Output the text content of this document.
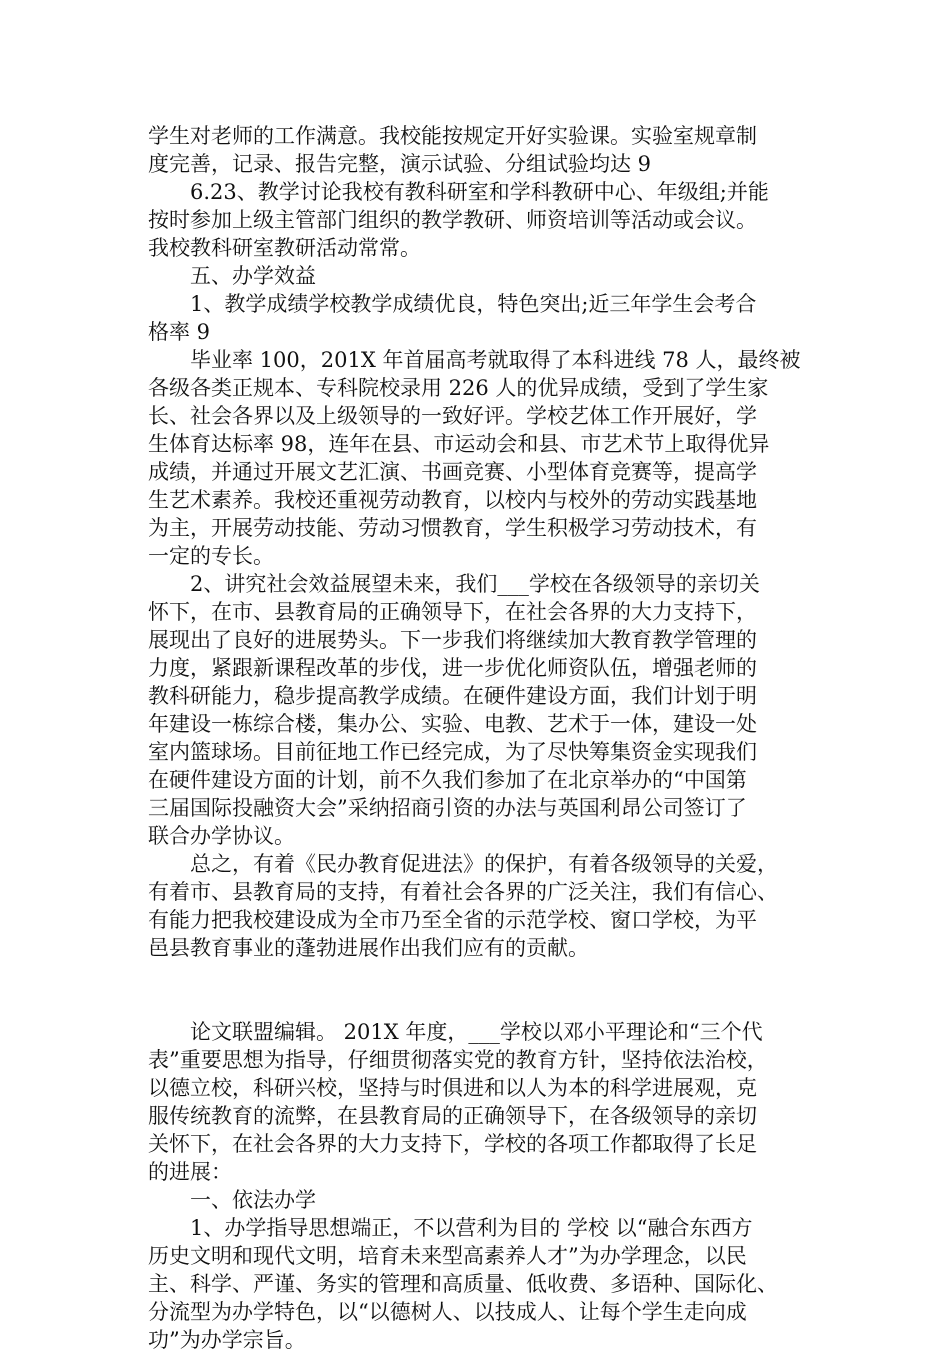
学生对老师的工作满意。我校能按规定开好实验课。实验室规章制

度完善，记录、报告完整，演示试验、分组试验均达 9

　　6.23、教学讨论我校有教科研室和学科教研中心、年级组;并能

按时参加上级主管部门组织的教学教研、师资培训等活动或会议。

我校教科研室教研活动常常。

　　五、办学效益

　　1、教学成绩学校教学成绩优良，特色突出;近三年学生会考合

格率 9

　　毕业率 100，201X 年首届高考就取得了本科进线 78 人，最终被

各级各类正规本、专科院校录用 226 人的优异成绩，受到了学生家

长、社会各界以及上级领导的一致好评。学校艺体工作开展好，学

生体育达标率 98，连年在县、市运动会和县、市艺术节上取得优异

成绩，并通过开展文艺汇演、书画竞赛、小型体育竞赛等，提高学

生艺术素养。我校还重视劳动教育，以校内与校外的劳动实践基地

为主，开展劳动技能、劳动习惯教育，学生积极学习劳动技术，有

一定的专长。

　　2、讲究社会效益展望未来，我们___学校在各级领导的亲切关

怀下，在市、县教育局的正确领导下，在社会各界的大力支持下，

展现出了良好的进展势头。下一步我们将继续加大教育教学管理的

力度，紧跟新课程改革的步伐，进一步优化师资队伍，增强老师的

教科研能力，稳步提高教学成绩。在硬件建设方面，我们计划于明

年建设一栋综合楼，集办公、实验、电教、艺术于一体，建设一处

室内篮球场。目前征地工作已经完成，为了尽快筹集资金实现我们

在硬件建设方面的计划，前不久我们参加了在北京举办的“中国第

三届国际投融资大会”采纳招商引资的办法与英国利昂公司签订了

联合办学协议。

　　总之，有着《民办教育促进法》的保护，有着各级领导的关爱，

有着市、县教育局的支持，有着社会各界的广泛关注，我们有信心、

有能力把我校建设成为全市乃至全省的示范学校、窗口学校，为平

邑县教育事业的蓬勃进展作出我们应有的贡献。

　　论文联盟编辑。 201X 年度，___学校以邓小平理论和“三个代

表”重要思想为指导，仔细贯彻落实党的教育方针，坚持依法治校，

以德立校，科研兴校，坚持与时俱进和以人为本的科学进展观，克

服传统教育的流弊，在县教育局的正确领导下，在各级领导的亲切

关怀下，在社会各界的大力支持下，学校的各项工作都取得了长足

的进展：

　　一、依法办学

　　1、办学指导思想端正，不以营利为目的 学校 以“融合东西方

历史文明和现代文明，培育未来型高素养人才”为办学理念，以民

主、科学、严谨、务实的管理和高质量、低收费、多语种、国际化、

分流型为办学特色，以“以德树人、以技成人、让每个学生走向成

功”为办学宗旨。
